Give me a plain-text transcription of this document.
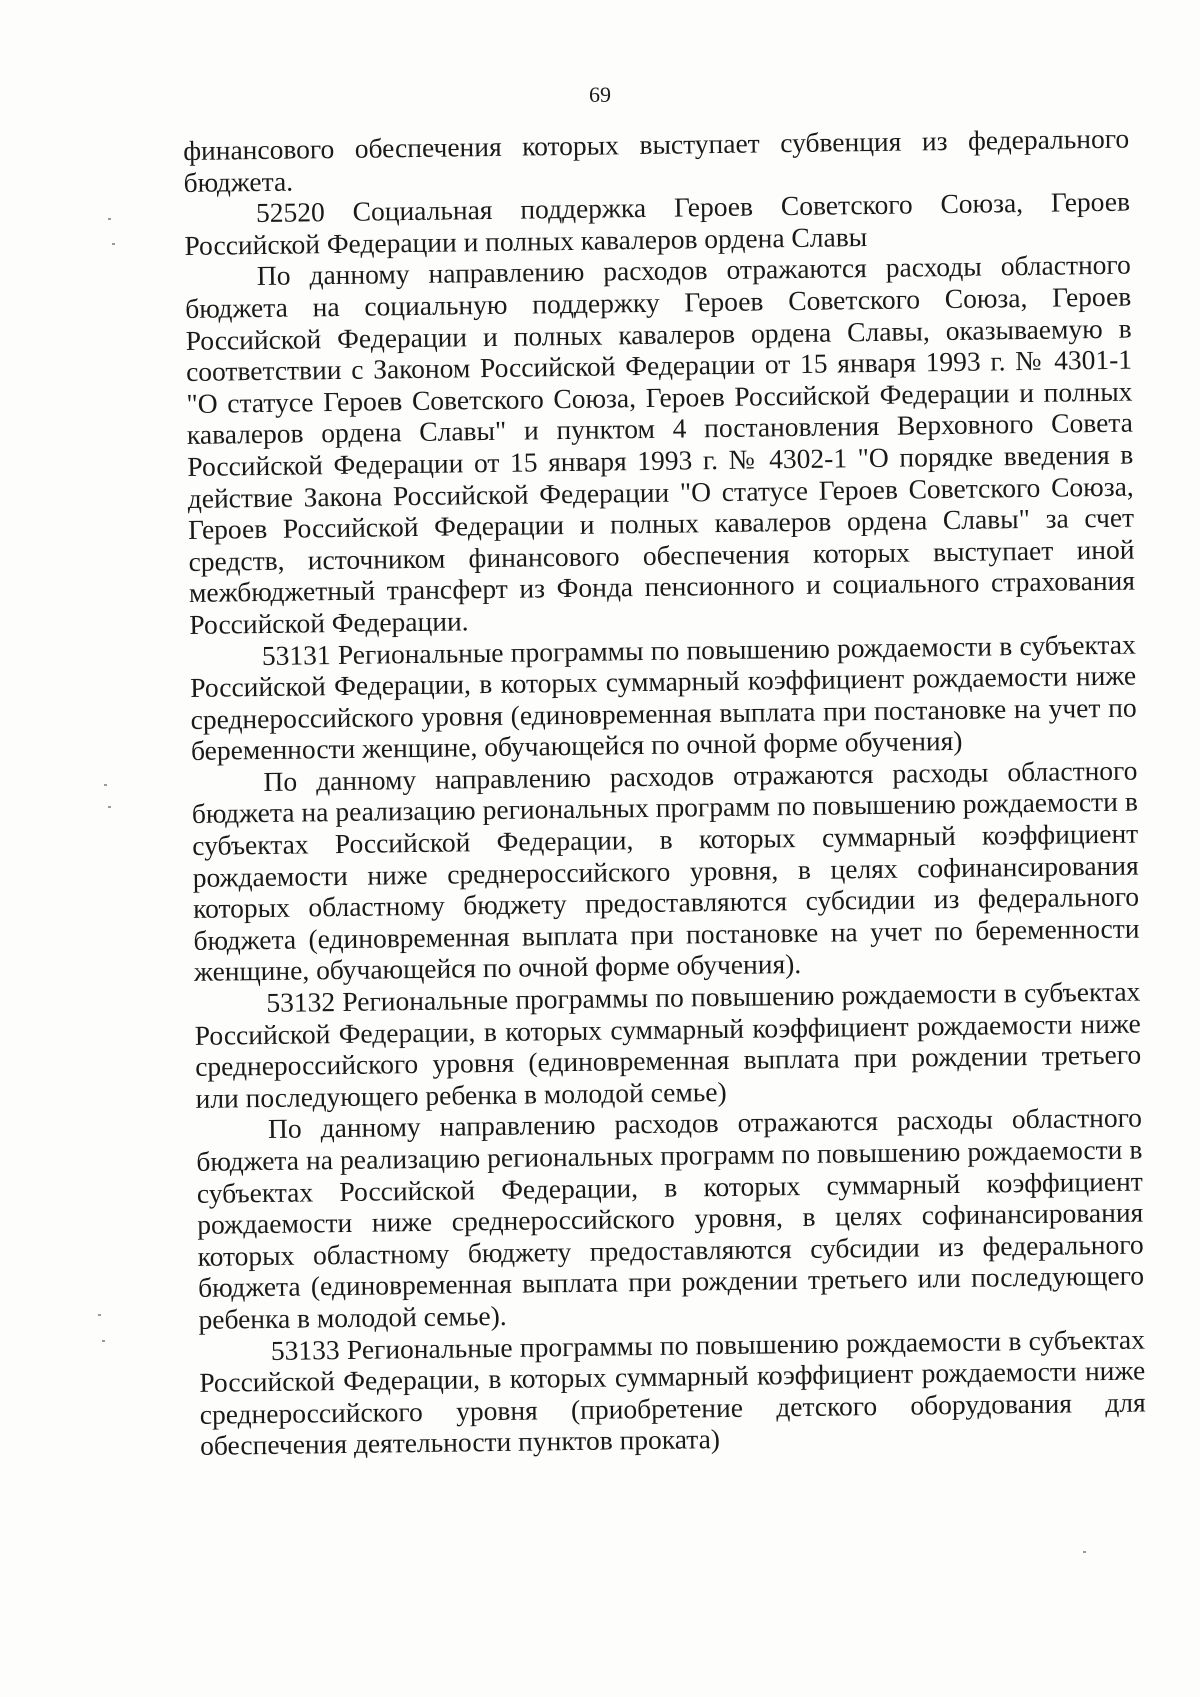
69

финансового обеспечения которых выступает субвенция из федерального бюджета.

52520 Социальная поддержка Героев Советского Союза, Героев Российской Федерации и полных кавалеров ордена Славы

По данному направлению расходов отражаются расходы областного бюджета на социальную поддержку Героев Советского Союза, Героев Российской Федерации и полных кавалеров ордена Славы, оказываемую в соответствии с Законом Российской Федерации от 15 января 1993 г. № 4301-1 "О статусе Героев Советского Союза, Героев Российской Федерации и полных кавалеров ордена Славы" и пунктом 4 постановления Верховного Совета Российской Федерации от 15 января 1993 г. № 4302-1 "О порядке введения в действие Закона Российской Федерации "О статусе Героев Советского Союза, Героев Российской Федерации и полных кавалеров ордена Славы" за счет средств, источником финансового обеспечения которых выступает иной межбюджетный трансферт из Фонда пенсионного и социального страхования Российской Федерации.

53131 Региональные программы по повышению рождаемости в субъектах Российской Федерации, в которых суммарный коэффициент рождаемости ниже среднероссийского уровня (единовременная выплата при постановке на учет по беременности женщине, обучающейся по очной форме обучения)

По данному направлению расходов отражаются расходы областного бюджета на реализацию региональных программ по повышению рождаемости в субъектах Российской Федерации, в которых суммарный коэффициент рождаемости ниже среднероссийского уровня, в целях софинансирования которых областному бюджету предоставляются субсидии из федерального бюджета (единовременная выплата при постановке на учет по беременности женщине, обучающейся по очной форме обучения).

53132 Региональные программы по повышению рождаемости в субъектах Российской Федерации, в которых суммарный коэффициент рождаемости ниже среднероссийского уровня (единовременная выплата при рождении третьего или последующего ребенка в молодой семье)

По данному направлению расходов отражаются расходы областного бюджета на реализацию региональных программ по повышению рождаемости в субъектах Российской Федерации, в которых суммарный коэффициент рождаемости ниже среднероссийского уровня, в целях софинансирования которых областному бюджету предоставляются субсидии из федерального бюджета (единовременная выплата при рождении третьего или последующего ребенка в молодой семье).

53133 Региональные программы по повышению рождаемости в субъектах Российской Федерации, в которых суммарный коэффициент рождаемости ниже среднероссийского уровня (приобретение детского оборудования для обеспечения деятельности пунктов проката)
